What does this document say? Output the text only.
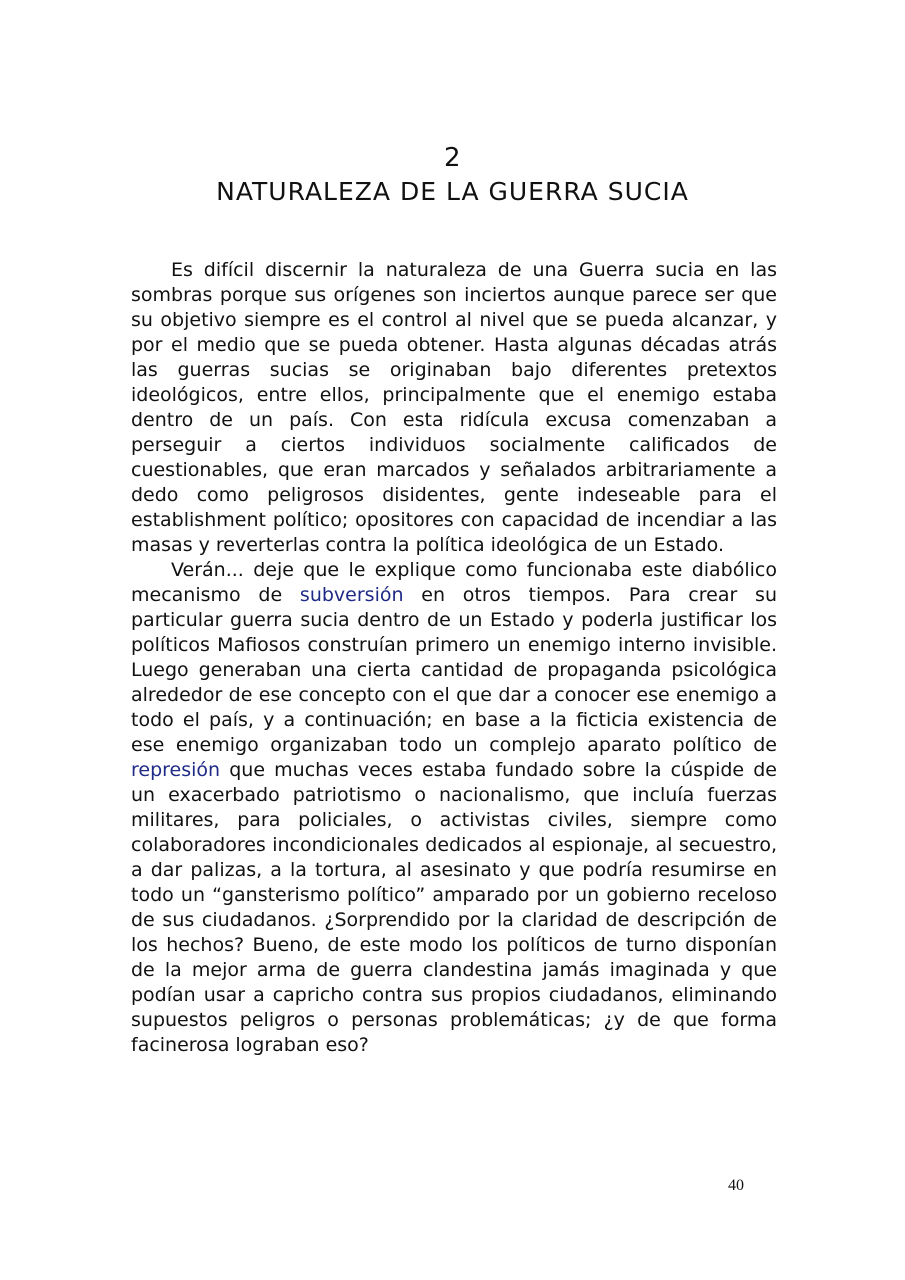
2
NATURALEZA DE LA GUERRA SUCIA

Es difícil discernir la naturaleza de una Guerra sucia en las sombras porque sus orígenes son inciertos aunque parece ser que su objetivo siempre es el control al nivel que se pueda alcanzar, y por el medio que se pueda obtener. Hasta algunas décadas atrás las guerras sucias se originaban bajo diferentes pretextos ideológicos, entre ellos, principalmente que el enemigo estaba dentro de un país. Con esta ridícula excusa comenzaban a perseguir a ciertos individuos socialmente calificados de cuestionables, que eran marcados y señalados arbitrariamente a dedo como peligrosos disidentes, gente indeseable para el establishment político; opositores con capacidad de incendiar a las masas y reverterlas contra la política ideológica de un Estado.

Verán... deje que le explique como funcionaba este diabólico mecanismo de subversión en otros tiempos. Para crear su particular guerra sucia dentro de un Estado y poderla justificar los políticos Mafiosos construían primero un enemigo interno invisible. Luego generaban una cierta cantidad de propaganda psicológica alrededor de ese concepto con el que dar a conocer ese enemigo a todo el país, y a continuación; en base a la ficticia existencia de ese enemigo organizaban todo un complejo aparato político de represión que muchas veces estaba fundado sobre la cúspide de un exacerbado patriotismo o nacionalismo, que incluía fuerzas militares, para policiales, o activistas civiles, siempre como colaboradores incondicionales dedicados al espionaje, al secuestro, a dar palizas, a la tortura, al asesinato y que podría resumirse en todo un “gansterismo político” amparado por un gobierno receloso de sus ciudadanos. ¿Sorprendido por la claridad de descripción de los hechos? Bueno, de este modo los políticos de turno disponían de la mejor arma de guerra clandestina jamás imaginada y que podían usar a capricho contra sus propios ciudadanos, eliminando supuestos peligros o personas problemáticas; ¿y de que forma facinerosa lograban eso?

40
